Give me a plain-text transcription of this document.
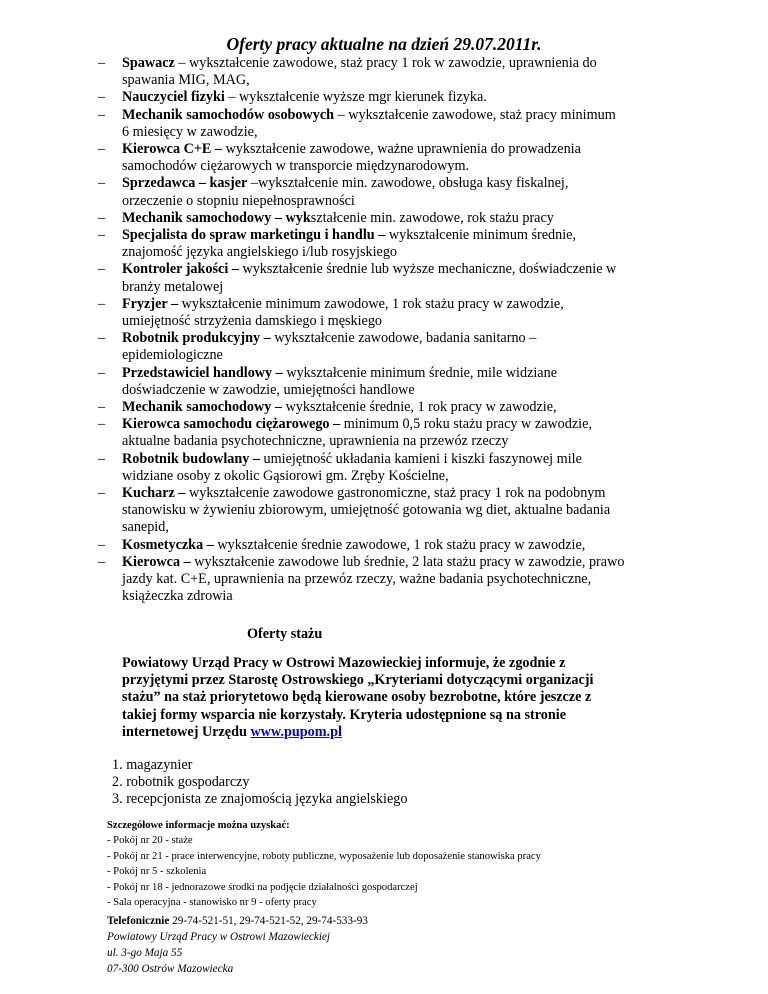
Oferty pracy aktualne na dzień 29.07.2011r.
– Spawacz – wykształcenie zawodowe, staż pracy 1 rok w zawodzie, uprawnienia do
spawania MIG, MAG,
– Nauczyciel fizyki – wykształcenie wyższe mgr kierunek fizyka.
– Mechanik samochodów osobowych – wykształcenie zawodowe, staż pracy minimum
6 miesięcy w zawodzie,
– Kierowca C+E – wykształcenie zawodowe, ważne uprawnienia do prowadzenia
samochodów ciężarowych w transporcie międzynarodowym.
– Sprzedawca – kasjer –wykształcenie min. zawodowe, obsługa kasy fiskalnej,
orzeczenie o stopniu niepełnosprawności
– Mechanik samochodowy – wykształcenie min. zawodowe, rok stażu pracy
– Specjalista do spraw marketingu i handlu – wykształcenie minimum średnie,
znajomość języka angielskiego i/lub rosyjskiego
– Kontroler jakości – wykształcenie średnie lub wyższe mechaniczne, doświadczenie w
branży metalowej
– Fryzjer – wykształcenie minimum zawodowe, 1 rok stażu pracy w zawodzie,
umiejętność strzyżenia damskiego i męskiego
– Robotnik produkcyjny – wykształcenie zawodowe, badania sanitarno –
epidemiologiczne
– Przedstawiciel handlowy – wykształcenie minimum średnie, mile widziane
doświadczenie w zawodzie, umiejętności handlowe
– Mechanik samochodowy – wykształcenie średnie, 1 rok pracy w zawodzie,
– Kierowca samochodu ciężarowego – minimum 0,5 roku stażu pracy w zawodzie,
aktualne badania psychotechniczne, uprawnienia na przewóz rzeczy
– Robotnik budowlany – umiejętność układania kamieni i kiszki faszynowej mile
widziane osoby z okolic Gąsiorowi gm. Zręby Kościelne,
– Kucharz – wykształcenie zawodowe gastronomiczne, staż pracy 1 rok na podobnym
stanowisku w żywieniu zbiorowym, umiejętność gotowania wg diet, aktualne badania
sanepid,
– Kosmetyczka – wykształcenie średnie zawodowe, 1 rok stażu pracy w zawodzie,
– Kierowca – wykształcenie zawodowe lub średnie, 2 lata stażu pracy w zawodzie, prawo
jazdy kat. C+E, uprawnienia na przewóz rzeczy, ważne badania psychotechniczne,
książeczka zdrowia
Oferty stażu
Powiatowy Urząd Pracy w Ostrowi Mazowieckiej informuje, że zgodnie z
przyjętymi przez Starostę Ostrowskiego „Kryteriami dotyczącymi organizacji
stażu” na staż priorytetowo będą kierowane osoby bezrobotne, które jeszcze z
takiej formy wsparcia nie korzystały. Kryteria udostępnione są na stronie
internetowej Urzędu www.pupom.pl
1. magazynier
2. robotnik gospodarczy
3. recepcjonista ze znajomością języka angielskiego
Szczegółowe informacje można uzyskać:
- Pokój nr 20 - staże
- Pokój nr 21 - prace interwencyjne, roboty publiczne, wyposażenie lub doposażenie stanowiska pracy
- Pokój nr 5 - szkolenia
- Pokój nr 18 - jednorazowe środki na podjęcie działalności gospodarczej
- Sala operacyjna - stanowisko nr 9 - oferty pracy
Telefonicznie 29-74-521-51, 29-74-521-52, 29-74-533-93
Powiatowy Urząd Pracy w Ostrowi Mazowieckiej
ul. 3-go Maja 55
07-300 Ostrów Mazowiecka
